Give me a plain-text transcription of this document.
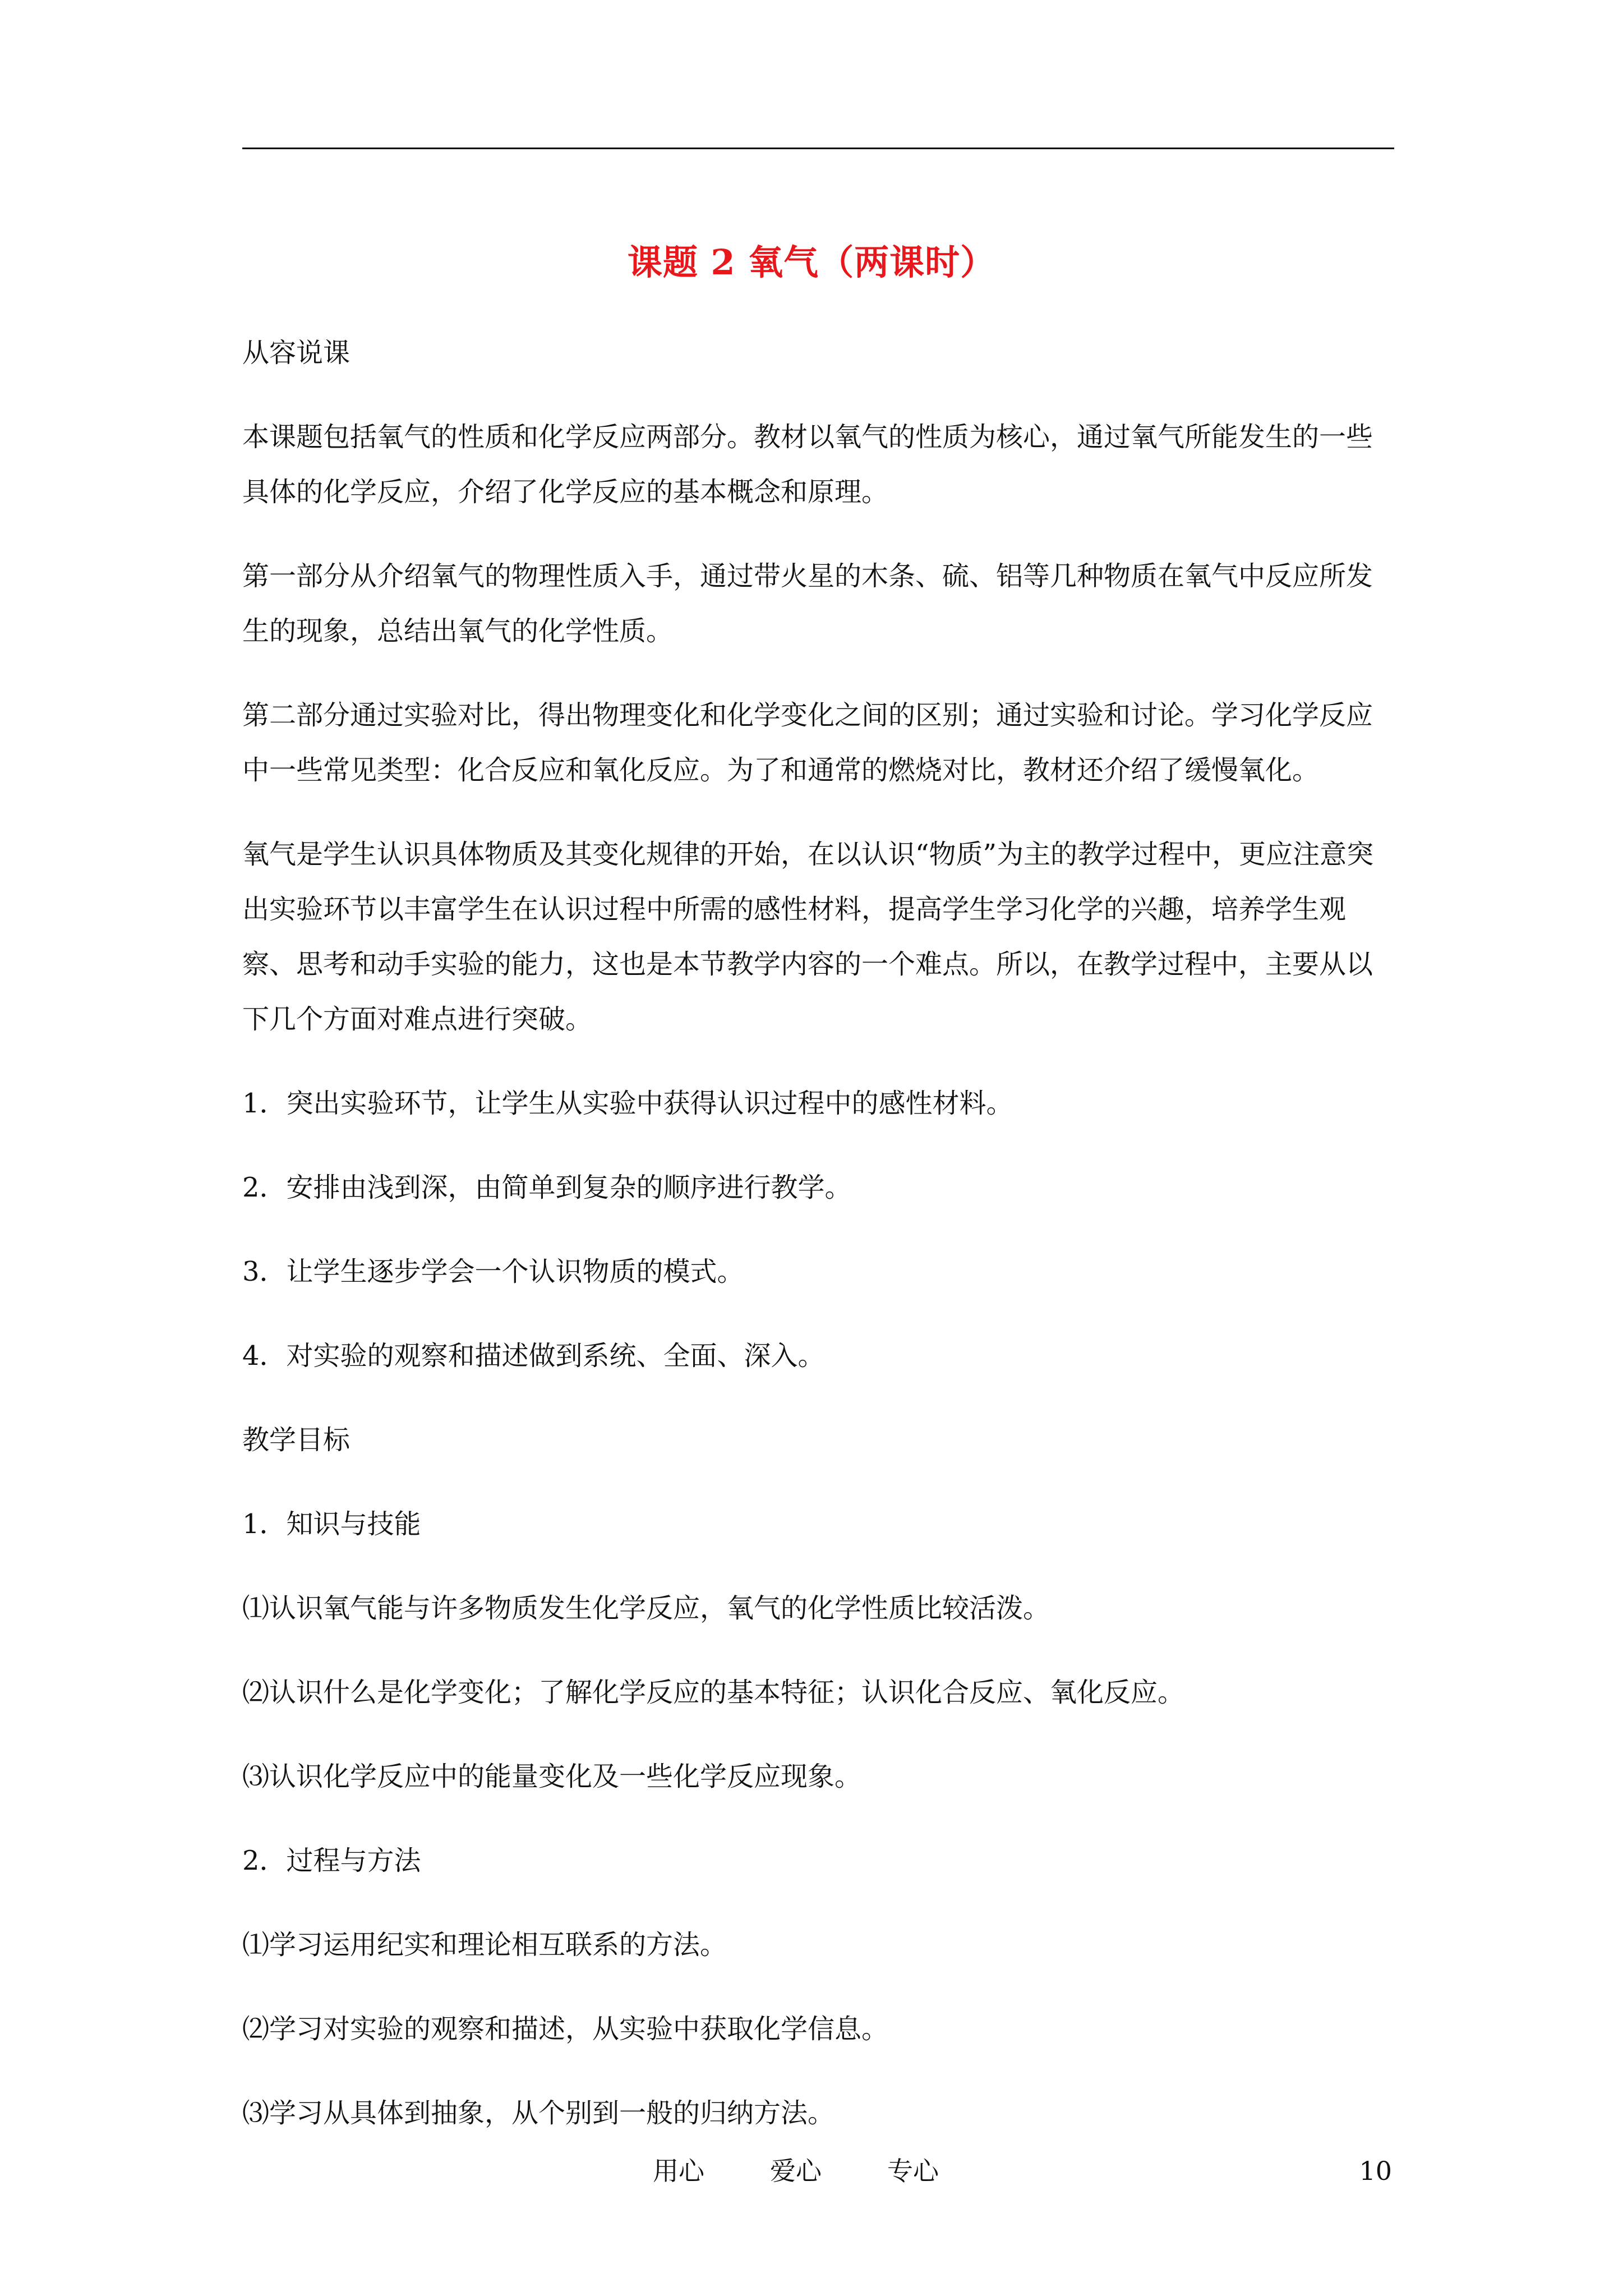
课题 2 氧气（两课时）

从容说课

本课题包括氧气的性质和化学反应两部分。教材以氧气的性质为核心，通过氧气所能发生的一些具体的化学反应，介绍了化学反应的基本概念和原理。

第一部分从介绍氧气的物理性质入手，通过带火星的木条、硫、铝等几种物质在氧气中反应所发生的现象，总结出氧气的化学性质。

第二部分通过实验对比，得出物理变化和化学变化之间的区别；通过实验和讨论。学习化学反应中一些常见类型：化合反应和氧化反应。为了和通常的燃烧对比，教材还介绍了缓慢氧化。

氧气是学生认识具体物质及其变化规律的开始，在以认识“物质”为主的教学过程中，更应注意突出实验环节以丰富学生在认识过程中所需的感性材料，提高学生学习化学的兴趣，培养学生观察、思考和动手实验的能力，这也是本节教学内容的一个难点。所以，在教学过程中，主要从以下几个方面对难点进行突破。

1．突出实验环节，让学生从实验中获得认识过程中的感性材料。

2．安排由浅到深，由简单到复杂的顺序进行教学。

3．让学生逐步学会一个认识物质的模式。

4．对实验的观察和描述做到系统、全面、深入。

教学目标

1．知识与技能

⑴认识氧气能与许多物质发生化学反应，氧气的化学性质比较活泼。

⑵认识什么是化学变化；了解化学反应的基本特征；认识化合反应、氧化反应。

⑶认识化学反应中的能量变化及一些化学反应现象。

2．过程与方法

⑴学习运用纪实和理论相互联系的方法。

⑵学习对实验的观察和描述，从实验中获取化学信息。

⑶学习从具体到抽象，从个别到一般的归纳方法。

用心	爱心	专心	10
